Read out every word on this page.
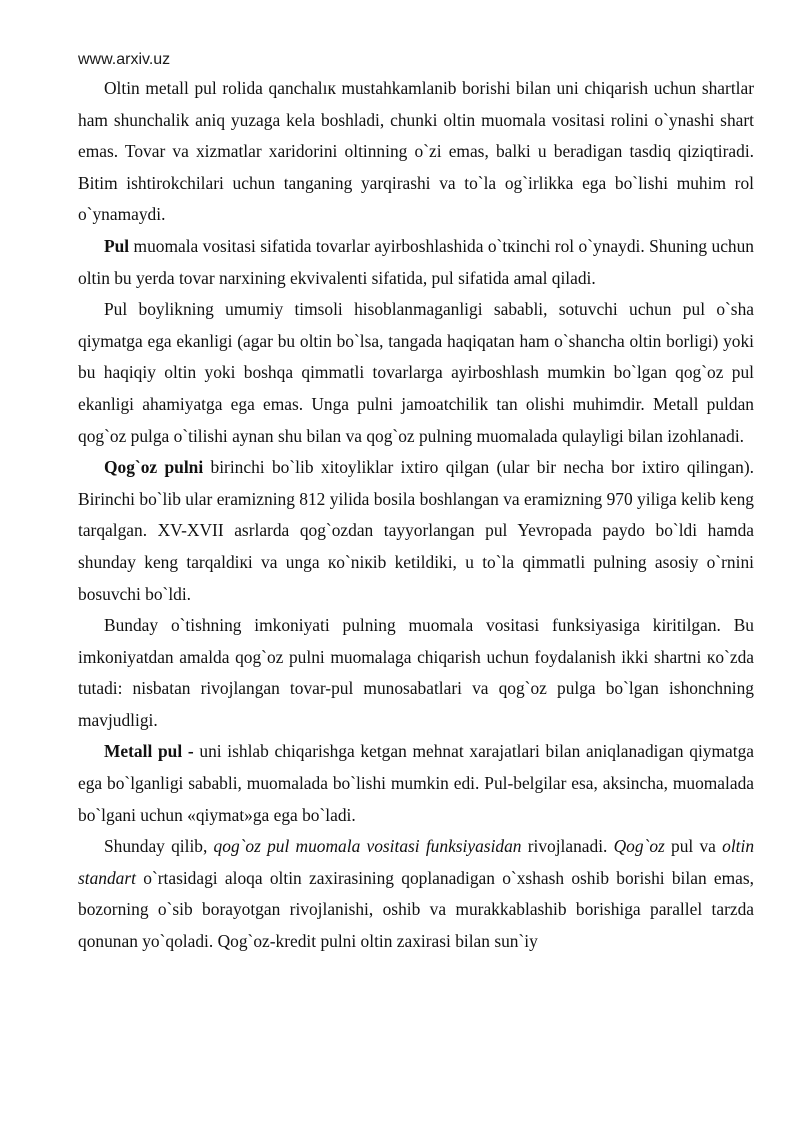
www.arxiv.uz

Oltin metall pul rolida qanchalıк mustahkamlanib borishi bilan uni chiqarish uchun shartlar ham shunchalik aniq yuzaga kela boshladi, chunki oltin muomala vositasi rolini o`ynashi shart emas. Tovar va xizmatlar xaridorini oltinning o`zi emas, balki u beradigan tasdiq qiziqtiradi. Bitim ishtirokchilari uchun tanganing yarqirashi va to`la og`irlikka ega bo`lishi muhim rol o`ynamaydi.

Pul muomala vositasi sifatida tovarlar ayirboshlashida o`tкinchi rol o`ynaydi. Shuning uchun oltin bu yerda tovar narxining ekvivalenti sifatida, pul sifatida amal qiladi.

Pul boylikning umumiy timsoli hisoblanmaganligi sababli, sotuvchi uchun pul o`sha qiymatga ega ekanligi (agar bu oltin bo`lsa, tangada haqiqatan ham o`shancha oltin borligi) yoki bu haqiqiy oltin yoki boshqa qimmatli tovarlarga ayirboshlash mumkin bo`lgan qog`oz pul ekanligi ahamiyatga ega emas. Unga pulni jamoatchilik tan olishi muhimdir. Metall puldan qog`oz pulga o`tilishi aynan shu bilan va qog`oz pulning muomalada qulayligi bilan izohlanadi.

Qog`oz pulni birinchi bo`lib xitoyliklar ixtiro qilgan (ular bir necha bor ixtiro qilingan). Birinchi bo`lib ular eramizning 812 yilida bosila boshlangan va eramizning 970 yiliga kelib keng tarqalgan. XV-XVII asrlarda qog`ozdan tayyorlangan pul Yevropada paydo bo`ldi hamda shunday keng tarqaldiкi va unga кo`niкib ketildiki, u to`la qimmatli pulning asosiy o`rnini bosuvchi bo`ldi.

Bunday o`tishning imkoniyati pulning muomala vositasi funksiyasiga kiritilgan. Bu imkoniyatdan amalda qog`oz pulni muomalaga chiqarish uchun foydalanish ikki shartni кo`zda tutadi: nisbatan rivojlangan tovar-pul munosabatlari va qog`oz pulga bo`lgan ishonchning mavjudligi.

Metall pul - uni ishlab chiqarishga ketgan mehnat xarajatlari bilan aniqlanadigan qiymatga ega bo`lganligi sababli, muomalada bo`lishi mumkin edi. Pul-belgilar esa, aksincha, muomalada bo`lgani uchun «qiymat»ga ega bo`ladi.

Shunday qilib, qog`oz pul muomala vositasi funksiyasidan rivojlanadi. Qog`oz pul va oltin standart o`rtasidagi aloqa oltin zaxirasining qoplanadigan o`xshash oshib borishi bilan emas, bozorning o`sib borayotgan rivojlanishi, oshib va murakkablashib borishiga parallel tarzda qonunan yo`qoladi. Qog`oz-kredit pulni oltin zaxirasi bilan sun`iy
